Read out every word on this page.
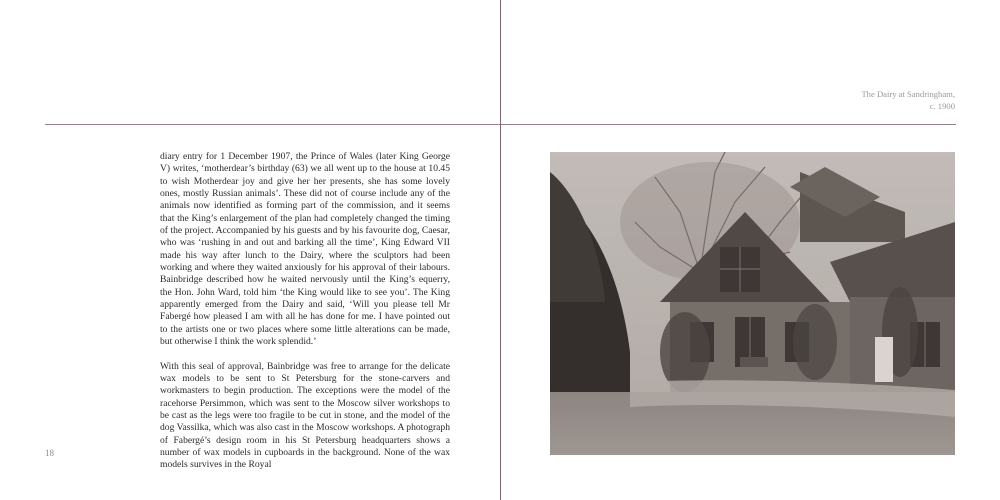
diary entry for 1 December 1907, the Prince of Wales (later King George V) writes, ‘motherdear’s birthday (63) we all went up to the house at 10.45 to wish Motherdear joy and give her her presents, she has some lovely ones, mostly Russian animals’. These did not of course include any of the animals now identified as forming part of the commission, and it seems that the King’s enlargement of the plan had completely changed the timing of the project. Accompanied by his guests and by his favourite dog, Caesar, who was ‘rushing in and out and barking all the time’, King Edward VII made his way after lunch to the Dairy, where the sculptors had been working and where they waited anxiously for his approval of their labours. Bainbridge described how he waited nervously until the King’s equerry, the Hon. John Ward, told him ‘the King would like to see you’. The King apparently emerged from the Dairy and said, ‘Will you please tell Mr Fabergé how pleased I am with all he has done for me. I have pointed out to the artists one or two places where some little alterations can be made, but otherwise I think the work splendid.’

With this seal of approval, Bainbridge was free to arrange for the delicate wax models to be sent to St Petersburg for the stone-carvers and workmasters to begin production. The exceptions were the model of the racehorse Persimmon, which was sent to the Moscow silver workshops to be cast as the legs were too fragile to be cut in stone, and the model of the dog Vassilka, which was also cast in the Moscow workshops. A photograph of Fabergé’s design room in his St Petersburg headquarters shows a number of wax models in cupboards in the background. None of the wax models survives in the Royal

18
The Dairy at Sandringham,
c. 1900
